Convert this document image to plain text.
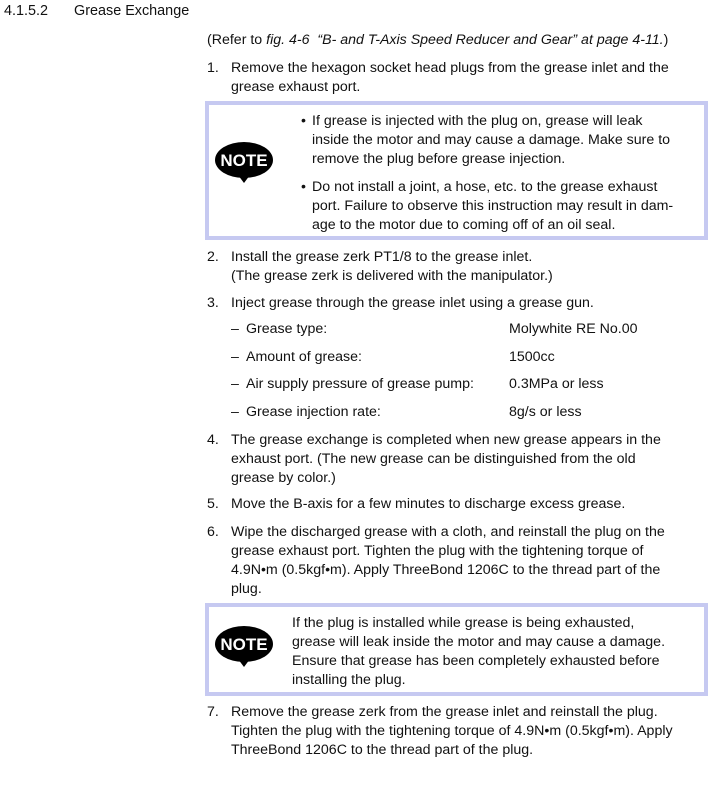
4.1.5.2 Grease Exchange
(Refer to fig. 4-6 “B- and T-Axis Speed Reducer and Gear” at page 4-11.)
1. Remove the hexagon socket head plugs from the grease inlet and the
grease exhaust port.
NOTE
• If grease is injected with the plug on, grease will leak
inside the motor and may cause a damage. Make sure to
remove the plug before grease injection.
• Do not install a joint, a hose, etc. to the grease exhaust
port. Failure to observe this instruction may result in dam-
age to the motor due to coming off of an oil seal.
2. Install the grease zerk PT1/8 to the grease inlet.
(The grease zerk is delivered with the manipulator.)
3. Inject grease through the grease inlet using a grease gun.
– Grease type:	Molywhite RE No.00
– Amount of grease:	1500cc
– Air supply pressure of grease pump: 0.3MPa or less
– Grease injection rate:	8g/s or less
4. The grease exchange is completed when new grease appears in the
exhaust port. (The new grease can be distinguished from the old
grease by color.)
5. Move the B-axis for a few minutes to discharge excess grease.
6. Wipe the discharged grease with a cloth, and reinstall the plug on the
grease exhaust port. Tighten the plug with the tightening torque of
4.9N•m (0.5kgf•m). Apply ThreeBond 1206C to the thread part of the
plug.
NOTE
If the plug is installed while grease is being exhausted,
grease will leak inside the motor and may cause a damage.
Ensure that grease has been completely exhausted before
installing the plug.
7. Remove the grease zerk from the grease inlet and reinstall the plug.
Tighten the plug with the tightening torque of 4.9N•m (0.5kgf•m). Apply
ThreeBond 1206C to the thread part of the plug.
